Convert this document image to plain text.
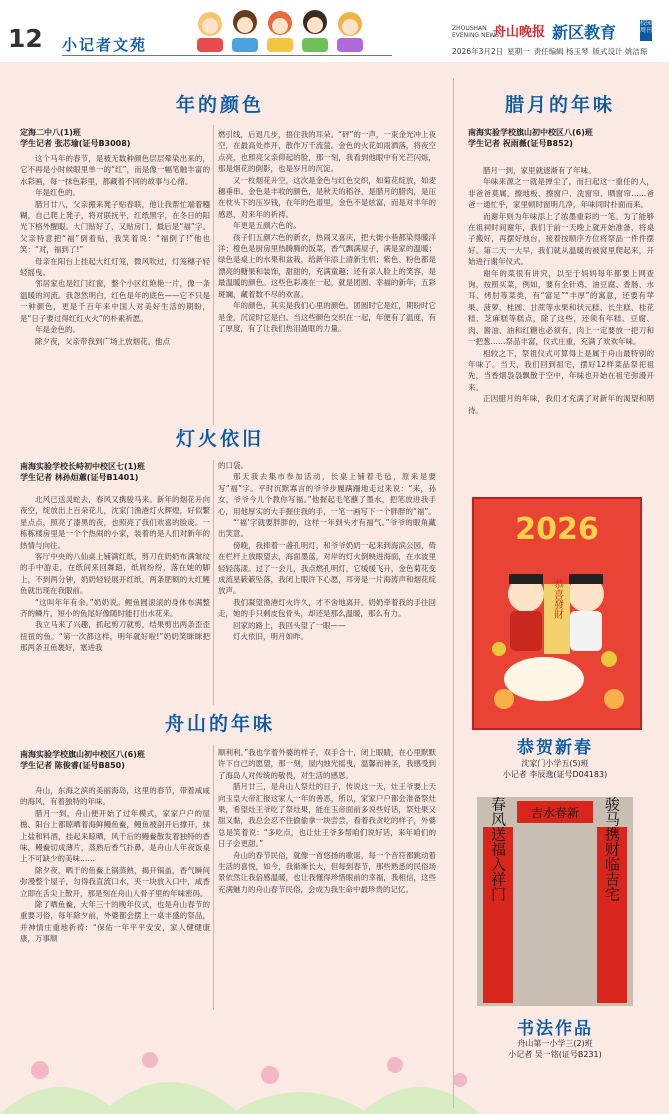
12 小记者文苑
ZHOUSHAN
EVENING NEWS
舟山晚报 新区教育	校园周刊
2026年3月2日 星期一 责任编辑 杨玉琴 版式设计 姚洁琼
年的颜色
定海二中八(1)班
学生记者 张芯瑜(证号B3008)

这个马年的春节，是被无数种颜色层层晕染出来的，它不再是小时候眼里单一的“红”，而是像一幅笔触丰富的水彩画，每一抹色彩里，都藏着不同的故事与心绪。

年是红色的。

腊月廿八，父亲搬来凳子贴春联，他让我帮忙端着糨糊，自己爬上凳子，将对联抚平，红纸黑字，在冬日的阳光下格外醒眼。大门贴好了，又贴房门，最后是“福”字。父亲特意把“福”倒着贴，我笑着说：“福倒了!”他也笑：“对，福到了!”

母亲在阳台上挂起大红灯笼，微风吹过，灯笼穗子轻轻摇曳。

邻居家也是红门红窗，整个小区红艳艳一片，像一条温暖的河流。我忽然明白，红色是年的底色——它不只是一种颜色，更是千百年来中国人对美好生活的期盼，是“日子要过得红红火火”的朴素祈愿。

年是金色的。

除夕夜，父亲带我到广场上放烟花。他点

燃引线，后退几步，捂住我的耳朵。“砰”的一声，一束金光冲上夜空，在最高处炸开，散作万千流萤。金色的火花如雨洒落，将夜空点亮，也照亮父亲仰起的脸，那一刻，我看到他眼中有光芒闪烁，那是烟花的倒影，也是岁月的沉淀。

又一枚烟花升空，这次是金色与红色交织，如菊花绽放，如麦穗垂串。金色是丰收的颜色，是秋天的稻谷，是腊月的腊肉，是压在枕头下的压岁钱，在年的色谱里，金色不是炫富，而是对丰年的感恩，对来年的祈祷。

年更是五颜六色的。

孩子们五颜六色的新衣，热闹又喜庆，把大街小巷都染得暖洋洋；橙色是厨房里热腾腾的饭菜，香气飘满屋子，满是家的温暖；绿色是桌上的水果和盆栽，给新年添上清新生机；紫色、粉色都是漂亮的糖果和装饰，甜甜的，充满童趣；还有亲人脸上的笑容，是最温暖的颜色。这些色彩凑在一起，就是团圆、幸福的新年，五彩斑斓，藏着数不尽的欢喜。

年的颜色，其实是我们心里的颜色，团圆时它是红，期盼时它是金，沉淀时它是白。当这些颜色交织在一起，年便有了温度，有了厚度，有了让我们热泪盈眶的力量。

灯火依旧
南海实验学校长峙初中校区七(1)班
学生记者 林孙烜蕙(证号B1401)

北风已送灵蛇去，春风又携骏马来。新年的烟花升向夜空，绽放出上百朵花儿，沈家门渔港灯火辉煌，好似繁星点点，照亮了漆黑的夜，也照亮了我们欢喜的脸庞。一栋栋楼房里是一个个热闹的小家，装着的是人们对新年的热情与向往。

客厅中央的八仙桌上铺满红纸，剪刀在奶奶布满皱纹的手中游走，在纸间来回舞蹈，纸屑纷纷，落在她的脚上，不到两分钟，奶奶轻轻展开红纸，两条肥硕的大红鲤鱼就出现在我眼前。

“这叫年年有余。”奶奶说。鲤鱼圆滚滚的身体布满整齐的鳞片，短小的鱼尾好像随时能打出水花来。

我立马来了兴趣，抓起剪刀就剪，结果剪出两条歪歪扭扭的鱼。“第一次都这样，明年就好啦!”奶奶笑眯眯把那两条丑鱼裹好，塞进我

的口袋。

那天我去集市参加活动，长桌上铺着毛毡，原来是要写“福”字。平时沉默寡言的爷爷步履蹒跚地走过来说：“来，孙女，爷爷今儿个教你写福。”他握起毛笔蘸了墨水，把笔放进我手心，用他厚实的大手握住我的手，一笔一画写下一个胖胖的“福”。

“‘福’字就要胖胖的，这样一年到头才有福气。”爷爷的眼角藏出笑意。

傍晚，我捧着一盏孔明灯，和爷爷奶奶一起来到海滨公园，倚在栏杆上放眼望去，海面墨蓝，对岸的灯火倒映进海面，在水波里轻轻荡漾。过了一会儿，我点燃孔明灯，它缓缓飞升，金色菊花变成流星簌簌坠落，我闭上眼许下心愿，耳旁是一片海涛声和烟花绽放声。

我们凝望渔港灯火许久，才不舍地离开。奶奶牵着我的手往回走，她的手只剩皮包骨头，却还是那么温暖，那么有力。

回家的路上，我回头望了一眼——

灯火依旧，明月如昨。

舟山的年味
南海实验学校旗山初中校区八(6)班
学生记者 陈俊睿(证号B850)

舟山，东海之滨的美丽海岛，这里的春节，带着咸咸的海风，有着独特的年味。

腊月一到，舟山便开始了过年模式，家家户户的屋檐、阳台上都晾晒着海鲜鳗鱼鲞，鳗鱼被剖开后撑开，抹上盐和料酒，挂起来晾晒，风干后的鳗鲞散发着独特的香味，鳗鲞切成薄片，蒸熟后香气扑鼻，是舟山人年夜饭桌上不可缺少的美味……

除夕夜，晒干的鱼鲞上锅蒸熟，揭开锅盖，香气瞬间弥漫整个屋子，勾得我直流口水，夹一块放入口中，咸香立即在舌尖上散开，那是刻在舟山人骨子里的年味密码。

除了晒鱼鲞，大年三十的晚年仪式，也是舟山春节的重要习俗，每年除夕前，外婆都会摆上一桌丰盛的祭品，并神情庄重地祈祷：“保佑一年平平安安，家人健健康康，万事顺

顺利利。”我也学着外婆的样子，双手合十，闭上眼睛，在心里默默许下自己的愿望，那一刻，屋内烛光摇曳，温馨而神圣，我感受到了海岛人对传统的敬畏，对生活的感恩。

腊月廿三，是舟山人祭灶的日子，传说这一天，灶王爷要上天向玉皇大帝汇报这家人一年的善恶，所以，家家户户都会准备祭灶果，希望灶王爷吃了祭灶果，能在玉帝面前多说些好话，祭灶果又甜又黏，我总会忍不住偷偷拿一块尝尝，看着我贪吃的样子，外婆总是笑着说：“多吃点，也让灶王爷多帮咱们说好话，来年咱们的日子会更甜。”

舟山的春节民俗，就像一首悠扬的歌谣，每一个音符都跳动着生活的喜悦，如今，我渐渐长大，但每到春节，那些熟悉的民俗场景依然让我倍感温暖，也让我懂得珍惜眼前的幸福，我相信，这些充满魅力的舟山春节民俗，会成为我生命中最珍贵的记忆。

腊月的年味
南海实验学校旗山初中校区八(6)班
学生记者 祝雨薇(证号B852)

腊月一到，家里就逐渐有了年味。

年味来源之一就是掸尘了，而扫起这一重任的人，非爸爸莫属，擦地板、擦窗户、洗窗帘、晒窗帘……爸爸一通忙乎，家里顿时窗明几净，年味同时扑面而来。

而谢年则为年味添上了浓墨重彩的一笔。为了能够在祖祠时间谢年，我们于前一天晚上就开始准备，将桌子搬好，再摆好烛台，接着按顺序方位将祭品一件件摆好。第二天一大早，我们就从温暖的被窝里爬起来，开始进行谢年仪式。

谢年的菜很有讲究，以至于妈妈每年都要上网查询，按照买菜，例如，要有全针鸡、油豆腐、香肠、水耳、烤肘等菜类，有“富足”“丰厚”的寓意，还要有苹果、菠萝、桂圆、甘蔗等水果和状元糕、长生糕、桂花糕、芝麻糕等糕点，除了这些，还须有年糕、豆腐、肉、酱油、油和红糖也必须有，肉上一定要放一把刀和一把葱……祭品丰富，仪式庄重，充满了欢欢年味。

相较之下，祭祖仪式可算得上是属于舟山最特别的年味了。当天，我们回到祖宅，摆好12样菜品祭祀祖先，当香烟袅袅飘散于空中，年味也开始在祖宅弥漫开来。

正因腊月的年味，我们才充满了对新年的渴望和期待。

2026
恭喜發財
恭贺新春
沈家门小学五(5)班
小记者 李辰逸(证号D04183)
吉水春新
春风送福入祥门	骏马携财临吉宅
书法作品
舟山第一小学三(2)班
小记者 吴一铭(证号B231)
